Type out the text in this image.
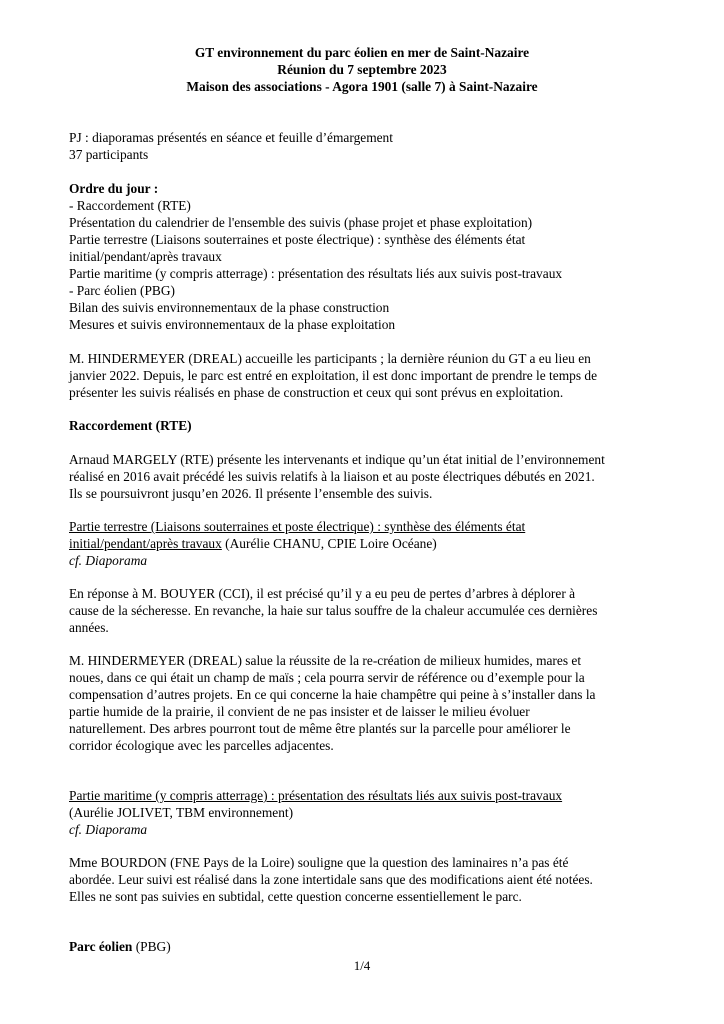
GT environnement du parc éolien en mer de Saint-Nazaire
Réunion du 7 septembre 2023
Maison des associations - Agora 1901 (salle 7) à Saint-Nazaire
PJ : diaporamas présentés en séance et feuille d’émargement
37 participants
Ordre du jour :
- Raccordement (RTE)
Présentation du calendrier de l'ensemble des suivis (phase projet et phase exploitation)
Partie terrestre (Liaisons souterraines et poste électrique) : synthèse des éléments état
initial/pendant/après travaux
Partie maritime (y compris atterrage) : présentation des résultats liés aux suivis post-travaux
- Parc éolien (PBG)
Bilan des suivis environnementaux de la phase construction
Mesures et suivis environnementaux de la phase exploitation
M. HINDERMEYER (DREAL) accueille les participants ; la dernière réunion du GT a eu lieu en
janvier 2022. Depuis, le parc est entré en exploitation, il est donc important de prendre le temps de
présenter les suivis réalisés en phase de construction et ceux qui sont prévus en exploitation.
Raccordement (RTE)
Arnaud MARGELY (RTE) présente les intervenants et indique qu’un état initial de l’environnement
réalisé en 2016 avait précédé les suivis relatifs à la liaison et au poste électriques débutés en 2021.
Ils se poursuivront jusqu’en 2026. Il présente l’ensemble des suivis.
Partie terrestre (Liaisons souterraines et poste électrique) : synthèse des éléments état
initial/pendant/après travaux (Aurélie CHANU, CPIE Loire Océane)
cf. Diaporama
En réponse à M. BOUYER (CCI), il est précisé qu’il y a eu peu de pertes d’arbres à déplorer à
cause de la sécheresse. En revanche, la haie sur talus souffre de la chaleur accumulée ces dernières
années.
M. HINDERMEYER (DREAL) salue la réussite de la re-création de milieux humides, mares et
noues, dans ce qui était un champ de maïs ; cela pourra servir de référence ou d’exemple pour la
compensation d’autres projets. En ce qui concerne la haie champêtre qui peine à s’installer dans la
partie humide de la prairie, il convient de ne pas insister et de laisser le milieu évoluer
naturellement. Des arbres pourront tout de même être plantés sur la parcelle pour améliorer le
corridor écologique avec les parcelles adjacentes.
Partie maritime (y compris atterrage) : présentation des résultats liés aux suivis post-travaux
(Aurélie JOLIVET, TBM environnement)
cf. Diaporama
Mme BOURDON (FNE Pays de la Loire) souligne que la question des laminaires n’a pas été
abordée. Leur suivi est réalisé dans la zone intertidale sans que des modifications aient été notées.
Elles ne sont pas suivies en subtidal, cette question concerne essentiellement le parc.
Parc éolien (PBG)
1/4
